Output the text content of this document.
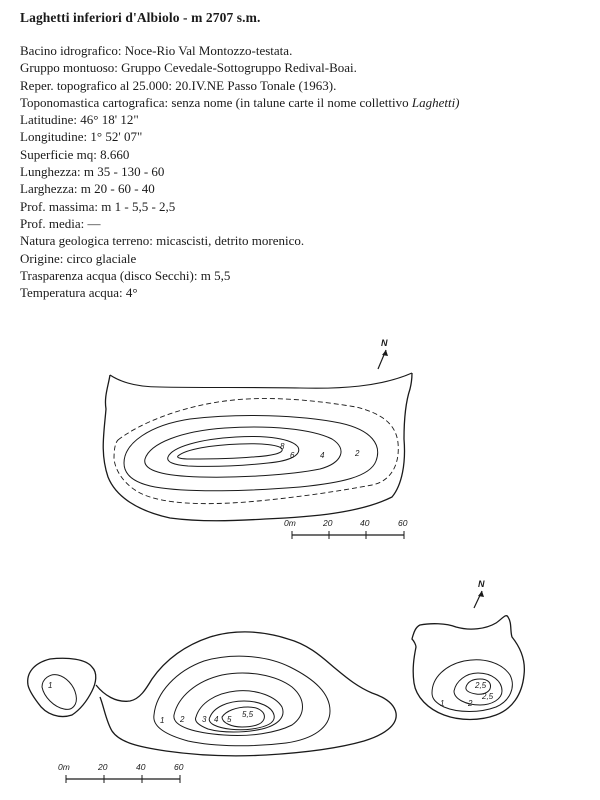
Laghetti inferiori d'Albiolo - m 2707 s.m.
Bacino idrografico: Noce-Rio Val Montozzo-testata.
Gruppo montuoso: Gruppo Cevedale-Sottogruppo Redival-Boai.
Reper. topografico al 25.000: 20.IV.NE Passo Tonale (1963).
Toponomastica cartografica: senza nome (in talune carte il nome collettivo Laghetti)
Latitudine: 46° 18' 12"
Longitudine: 1° 52' 07"
Superficie mq: 8.660
Lunghezza: m 35 - 130 - 60
Larghezza: m 20 - 60 - 40
Prof. massima: m 1 - 5,5 - 2,5
Prof. media: —
Natura geologica terreno: micascisti, detrito morenico.
Origine: circo glaciale
Trasparenza acqua (disco Secchi): m 5,5
Temperatura acqua: 4°
N
8
6	4	2
0m	20	40	60
N
1
1 2 3 4 5
5,5
2,5
2,5
1	2
0m	20	40	60
